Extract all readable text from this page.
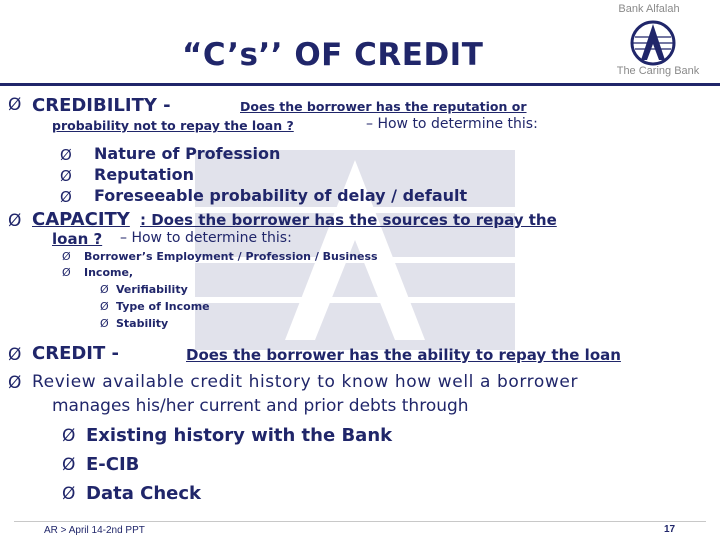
Bank Alfalah
The Caring Bank
“C’s’’ OF CREDIT
Ø CREDIBILITY -	Does the borrower has the reputation or
probability not to repay the loan ?	– How to determine this:
Ø Nature of Profession
Ø Reputation
Ø Foreseeable probability of delay / default
Ø CAPACITY : Does the borrower has the sources to repay the
loan ? – How to determine this:
Ø Borrower’s Employment / Profession / Business
Ø Income,
Ø Verifiability
Ø Type of Income
Ø Stability
Ø CREDIT -	Does the borrower has the ability to repay the loan
Ø Review available credit history to know how well a borrower
manages his/her current and prior debts through
Ø Existing history with the Bank
Ø E-CIB
Ø Data Check
AR > April 14-2nd PPT	17
